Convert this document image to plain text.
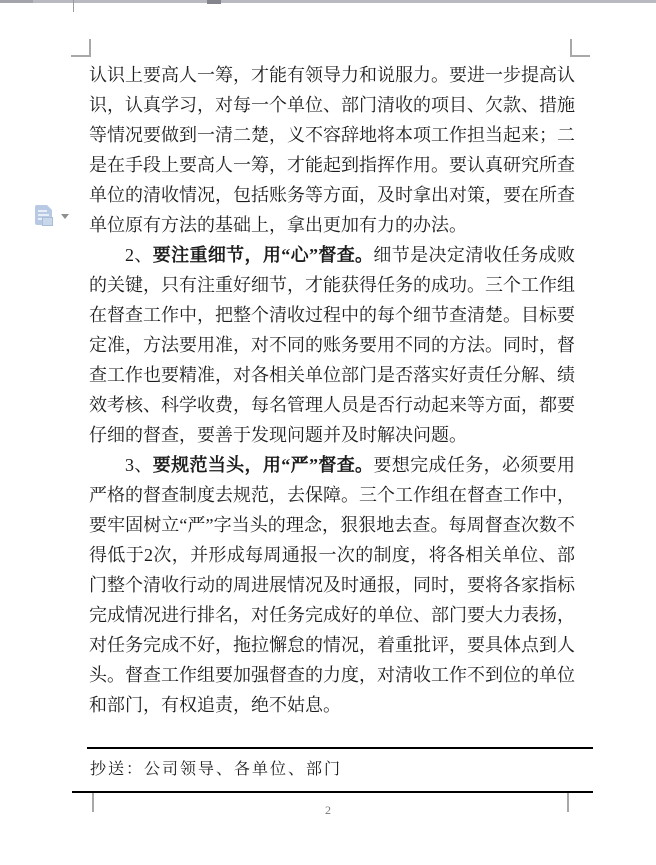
认识上要高人一筹，才能有领导力和说服力。要进一步提高认识，认真学习，对每一个单位、部门清收的项目、欠款、措施等情况要做到一清二楚，义不容辞地将本项工作担当起来；二是在手段上要高人一筹，才能起到指挥作用。要认真研究所查单位的清收情况，包括账务等方面，及时拿出对策，要在所查单位原有方法的基础上，拿出更加有力的办法。

2、要注重细节，用“心”督查。细节是决定清收任务成败的关键，只有注重好细节，才能获得任务的成功。三个工作组在督查工作中，把整个清收过程中的每个细节查清楚。目标要定准，方法要用准，对不同的账务要用不同的方法。同时，督查工作也要精准，对各相关单位部门是否落实好责任分解、绩效考核、科学收费，每名管理人员是否行动起来等方面，都要仔细的督查，要善于发现问题并及时解决问题。

3、要规范当头，用“严”督查。要想完成任务，必须要用严格的督查制度去规范，去保障。三个工作组在督查工作中，要牢固树立“严”字当头的理念，狠狠地去查。每周督查次数不得低于2次，并形成每周通报一次的制度，将各相关单位、部门整个清收行动的周进展情况及时通报，同时，要将各家指标完成情况进行排名，对任务完成好的单位、部门要大力表扬，对任务完成不好，拖拉懈怠的情况，着重批评，要具体点到人头。督查工作组要加强督查的力度，对清收工作不到位的单位和部门，有权追责，绝不姑息。

抄送：公司领导、各单位、部门
2
